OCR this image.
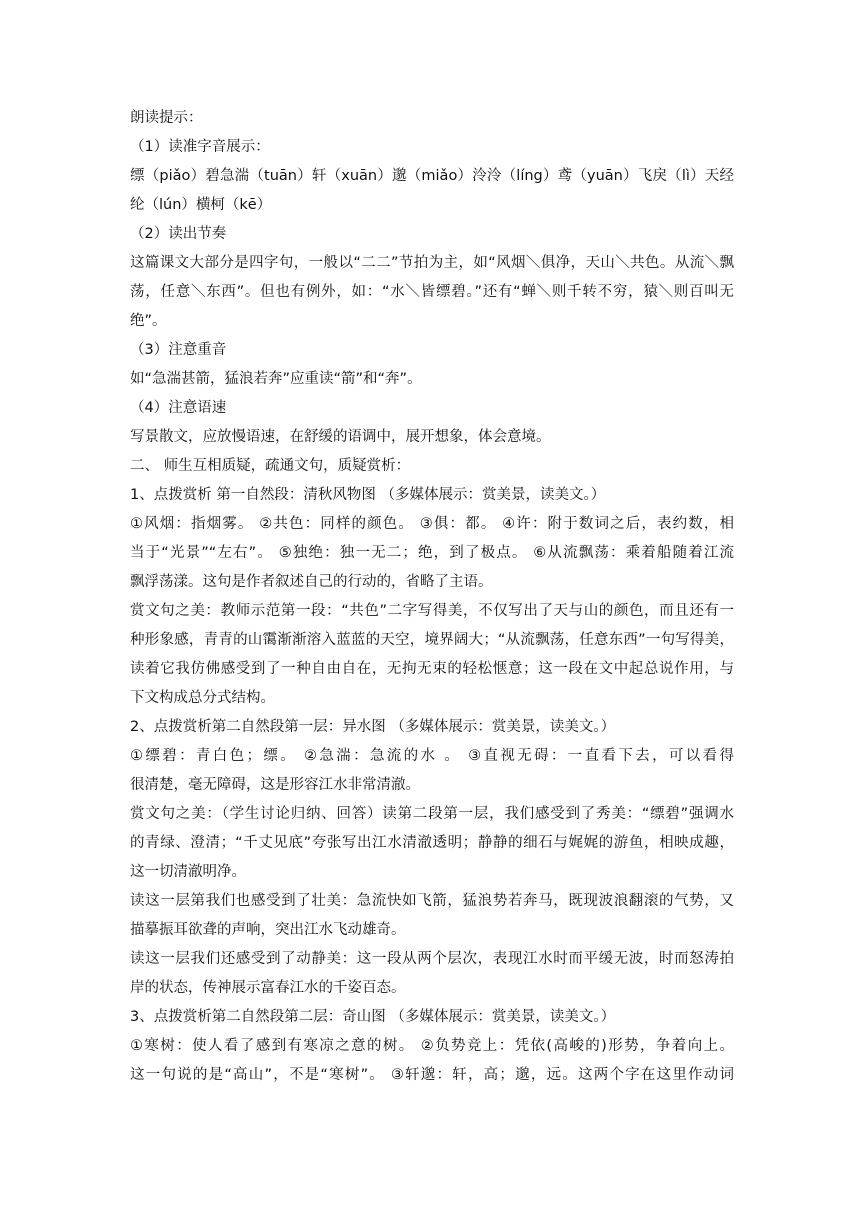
朗读提示：
（1）读准字音展示：
缥（piǎo）碧急湍（tuān）轩（xuān）邈（miǎo）泠泠（líng）鸢（yuān）飞戾（lì）天经
纶（lún）横柯（kē）
（2）读出节奏
这篇课文大部分是四字句，一般以“二二”节拍为主，如“风烟＼俱净，天山＼共色。从流＼飘
荡，任意＼东西”。但也有例外，如：“水＼皆缥碧。”还有“蝉＼则千转不穷，猿＼则百叫无
绝”。
（3）注意重音
如“急湍甚箭，猛浪若奔”应重读“箭”和“奔”。
（4）注意语速
写景散文，应放慢语速，在舒缓的语调中，展开想象，体会意境。
二、 师生互相质疑，疏通文句，质疑赏析：
1、点拨赏析 第一自然段：清秋风物图 （多媒体展示：赏美景，读美文。）
①风烟：指烟雾。 ②共色：同样的颜色。 ③俱：都。 ④许：附于数词之后，表约数，相
当于“光景”“左右”。 ⑤独绝：独一无二；绝，到了极点。 ⑥从流飘荡：乘着船随着江流
飘浮荡漾。这句是作者叙述自己的行动的，省略了主语。
赏文句之美：教师示范第一段：“共色”二字写得美，不仅写出了天与山的颜色，而且还有一
种形象感，青青的山霭渐渐溶入蓝蓝的天空，境界阔大；“从流飘荡，任意东西”一句写得美，
读着它我仿佛感受到了一种自由自在，无拘无束的轻松惬意；这一段在文中起总说作用，与
下文构成总分式结构。
2、点拨赏析第二自然段第一层：异水图 （多媒体展示：赏美景，读美文。）
①缥碧：青白色；缥。 ②急湍：急流的水 。 ③直视无碍：一直看下去，可以看得
很清楚，毫无障碍，这是形容江水非常清澈。
赏文句之美：（学生讨论归纳、回答）读第二段第一层，我们感受到了秀美：“缥碧”强调水
的青绿、澄清；“千丈见底”夸张写出江水清澈透明；静静的细石与娓娓的游鱼，相映成趣，
这一切清澈明净。
读这一层第我们也感受到了壮美：急流快如飞箭，猛浪势若奔马，既现波浪翻滚的气势，又
描摹振耳欲聋的声响，突出江水飞动雄奇。
读这一层我们还感受到了动静美：这一段从两个层次，表现江水时而平缓无波，时而怒涛拍
岸的状态，传神展示富春江水的千姿百态。
3、点拨赏析第二自然段第二层：奇山图 （多媒体展示：赏美景，读美文。）
①寒树：使人看了感到有寒凉之意的树。 ②负势竞上：凭依(高峻的)形势，争着向上。
这一句说的是“高山”，不是“寒树”。 ③轩邈：轩，高；邈，远。这两个字在这里作动词
